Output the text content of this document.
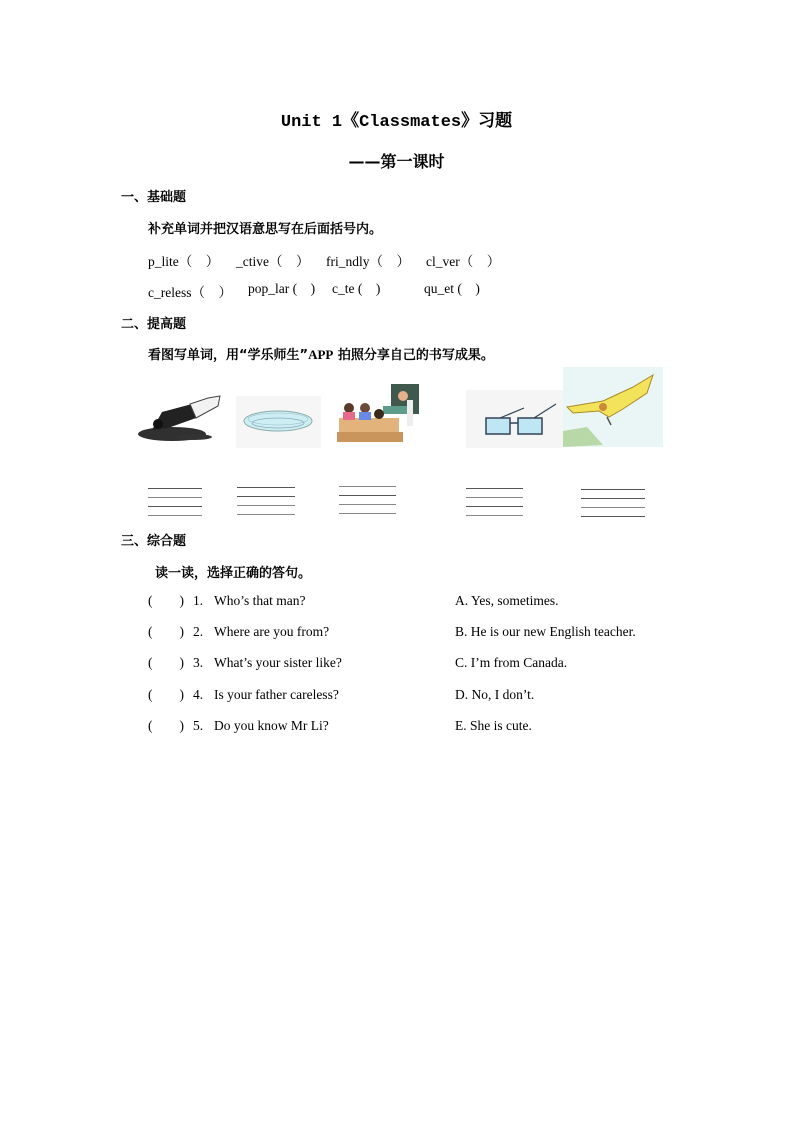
Unit 1《Classmates》习题
——第一课时
一、基础题
补充单词并把汉语意思写在后面括号内。
p_lite（    ） _ctive（    ） fri_ndly（    ） cl_ver（    ）
c_reless（    ） pop_lar (    ) c_te (    )	qu_et (    )
二、提高题
看图写单词，用“学乐师生”APP 拍照分享自己的书写成果。
三、综合题
读一读，选择正确的答句。
(        ) 1. Who’s that man?
(        ) 2. Where are you from?
(        ) 3. What’s your sister like?
(        ) 4. Is your father careless?
(        ) 5. Do you know Mr Li?
A. Yes, sometimes.
B. He is our new English teacher.
C. I’m from Canada.
D. No, I don’t.
E. She is cute.
